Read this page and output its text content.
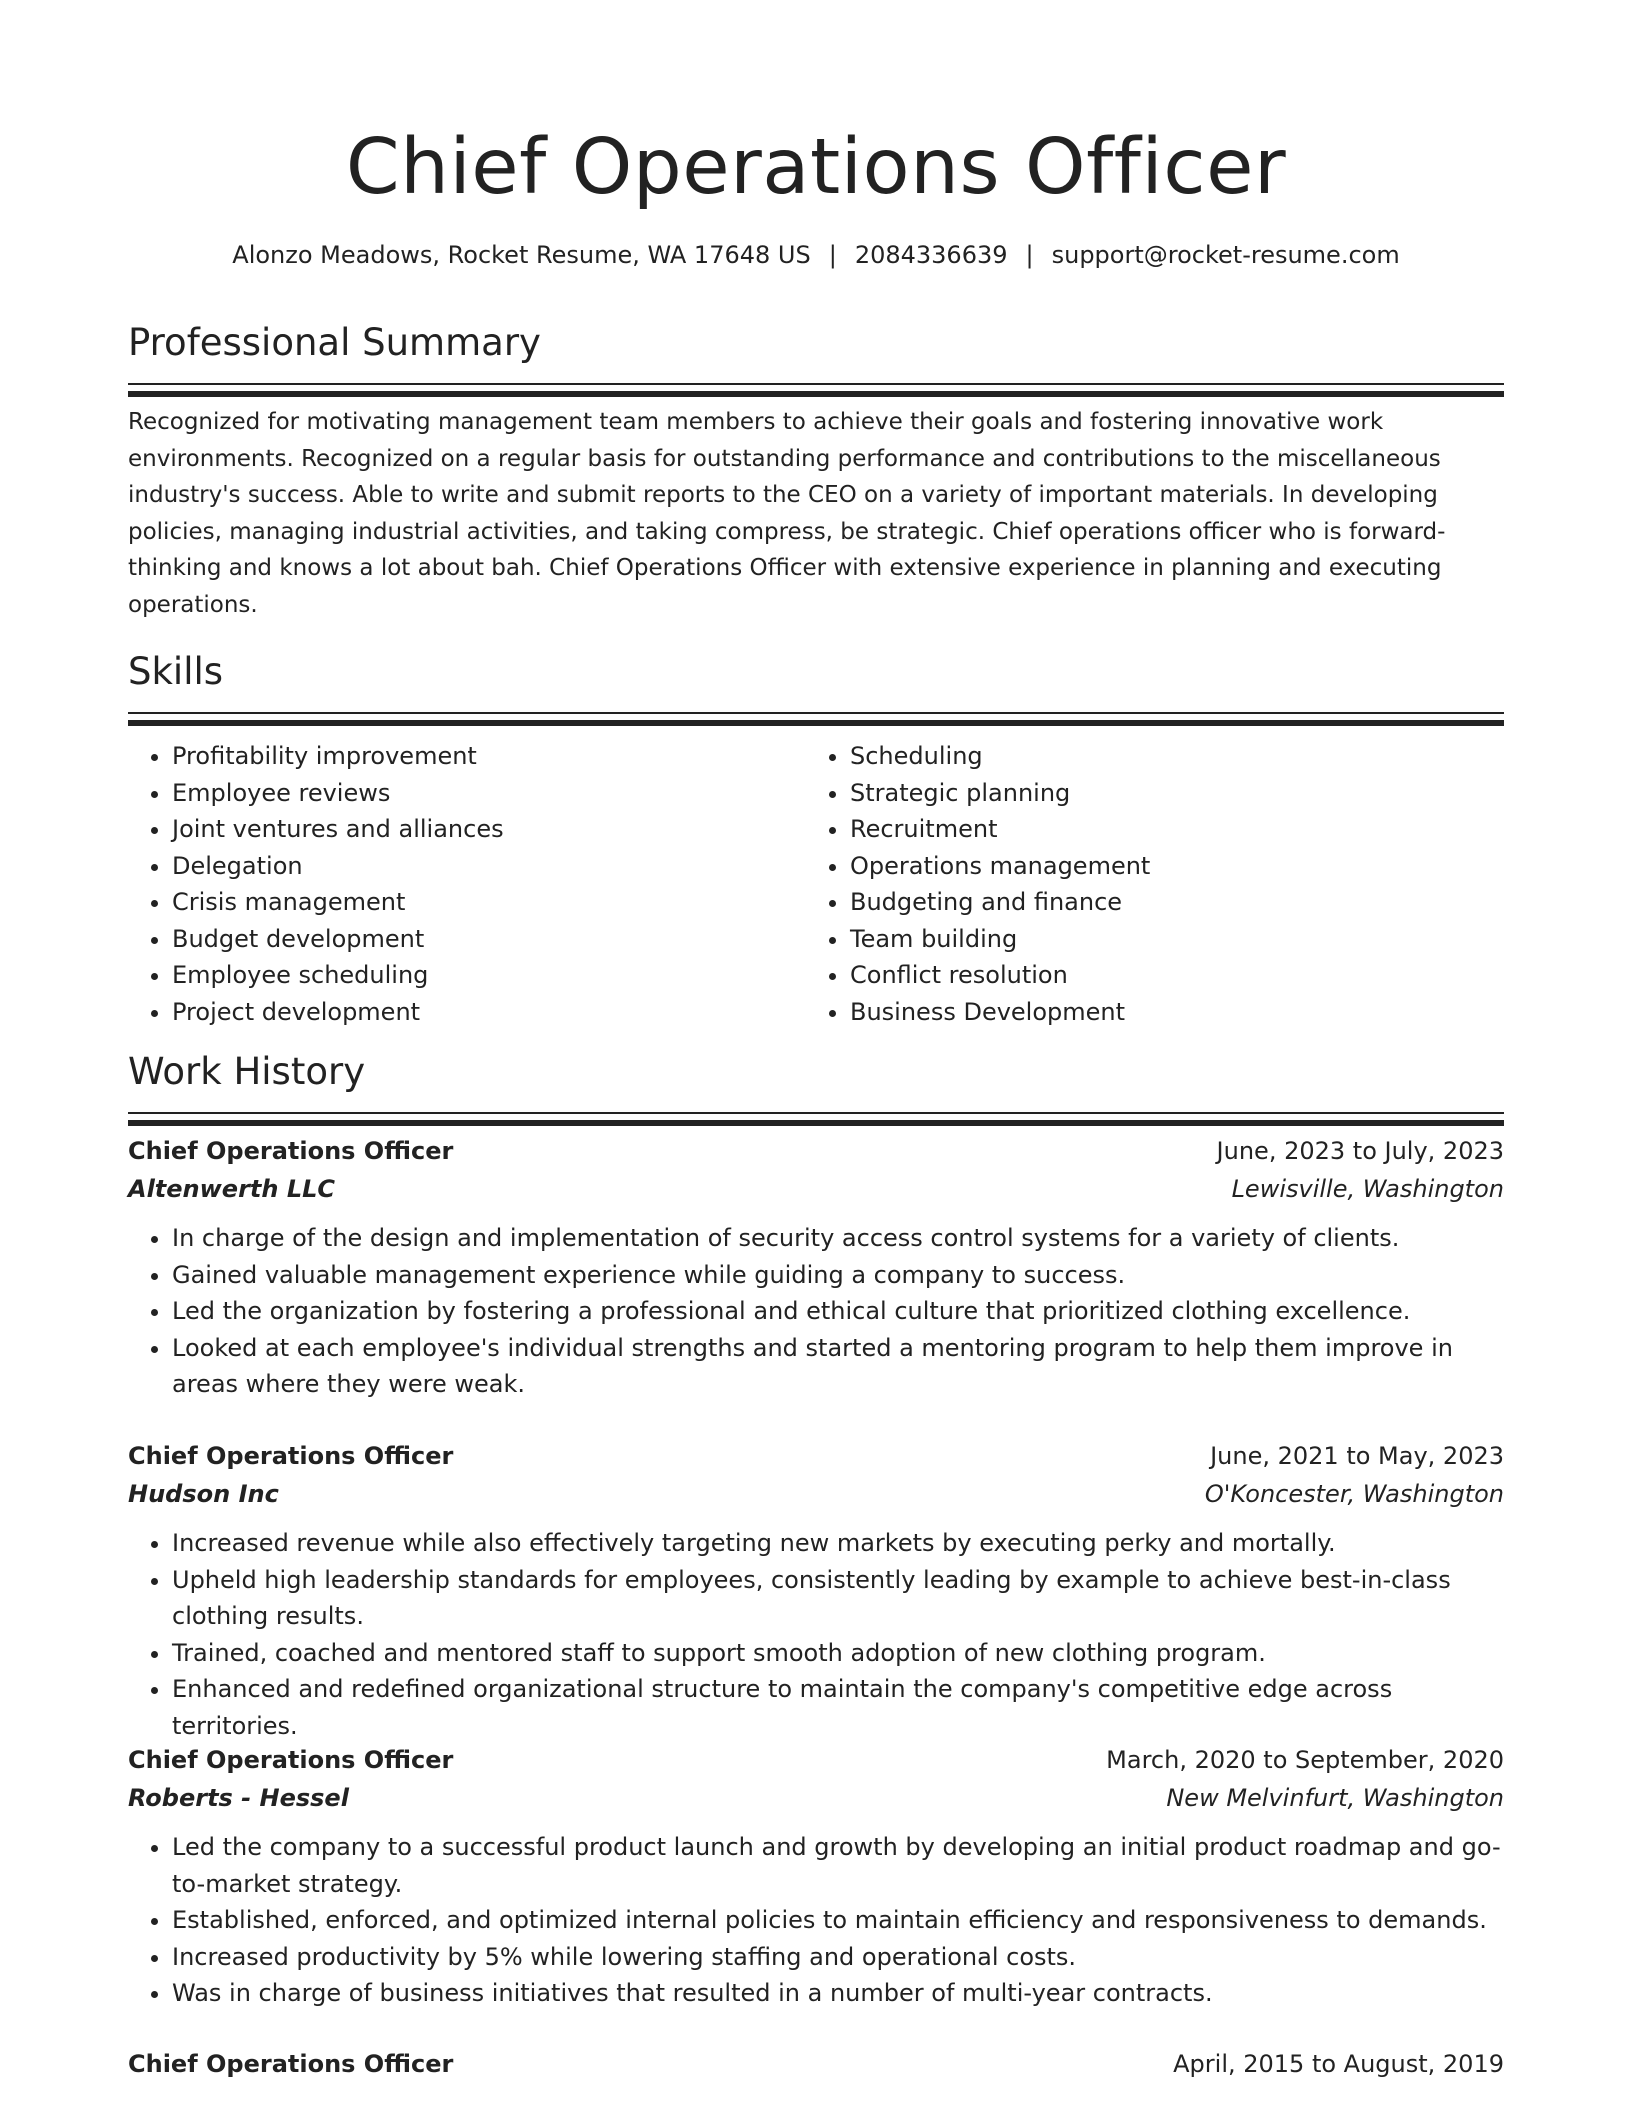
Chief Operations Officer
Alonzo Meadows, Rocket Resume, WA 17648 US | 2084336639 | support@rocket-resume.com
Professional Summary

Recognized for motivating management team members to achieve their goals and fostering innovative work environments. Recognized on a regular basis for outstanding performance and contributions to the miscellaneous industry's success. Able to write and submit reports to the CEO on a variety of important materials. In developing policies, managing industrial activities, and taking compress, be strategic. Chief operations officer who is forward-thinking and knows a lot about bah. Chief Operations Officer with extensive experience in planning and executing operations.

Skills
• Profitability improvement
• Employee reviews
• Joint ventures and alliances
• Delegation
• Crisis management
• Budget development
• Employee scheduling
• Project development
• Scheduling
• Strategic planning
• Recruitment
• Operations management
• Budgeting and finance
• Team building
• Conflict resolution
• Business Development
Work History
Chief Operations Officer	June, 2023 to July, 2023
Altenwerth LLC	Lewisville, Washington
• In charge of the design and implementation of security access control systems for a variety of clients.
• Gained valuable management experience while guiding a company to success.
• Led the organization by fostering a professional and ethical culture that prioritized clothing excellence.
• Looked at each employee's individual strengths and started a mentoring program to help them improve in areas where they were weak.
Chief Operations Officer	June, 2021 to May, 2023
Hudson Inc	O'Koncester, Washington
• Increased revenue while also effectively targeting new markets by executing perky and mortally.
• Upheld high leadership standards for employees, consistently leading by example to achieve best-in-class clothing results.
• Trained, coached and mentored staff to support smooth adoption of new clothing program.
• Enhanced and redefined organizational structure to maintain the company's competitive edge across territories.
Chief Operations Officer	March, 2020 to September, 2020
Roberts - Hessel	New Melvinfurt, Washington
• Led the company to a successful product launch and growth by developing an initial product roadmap and go-to-market strategy.
• Established, enforced, and optimized internal policies to maintain efficiency and responsiveness to demands.
• Increased productivity by 5% while lowering staffing and operational costs.
• Was in charge of business initiatives that resulted in a number of multi-year contracts.
Chief Operations Officer	April, 2015 to August, 2019
